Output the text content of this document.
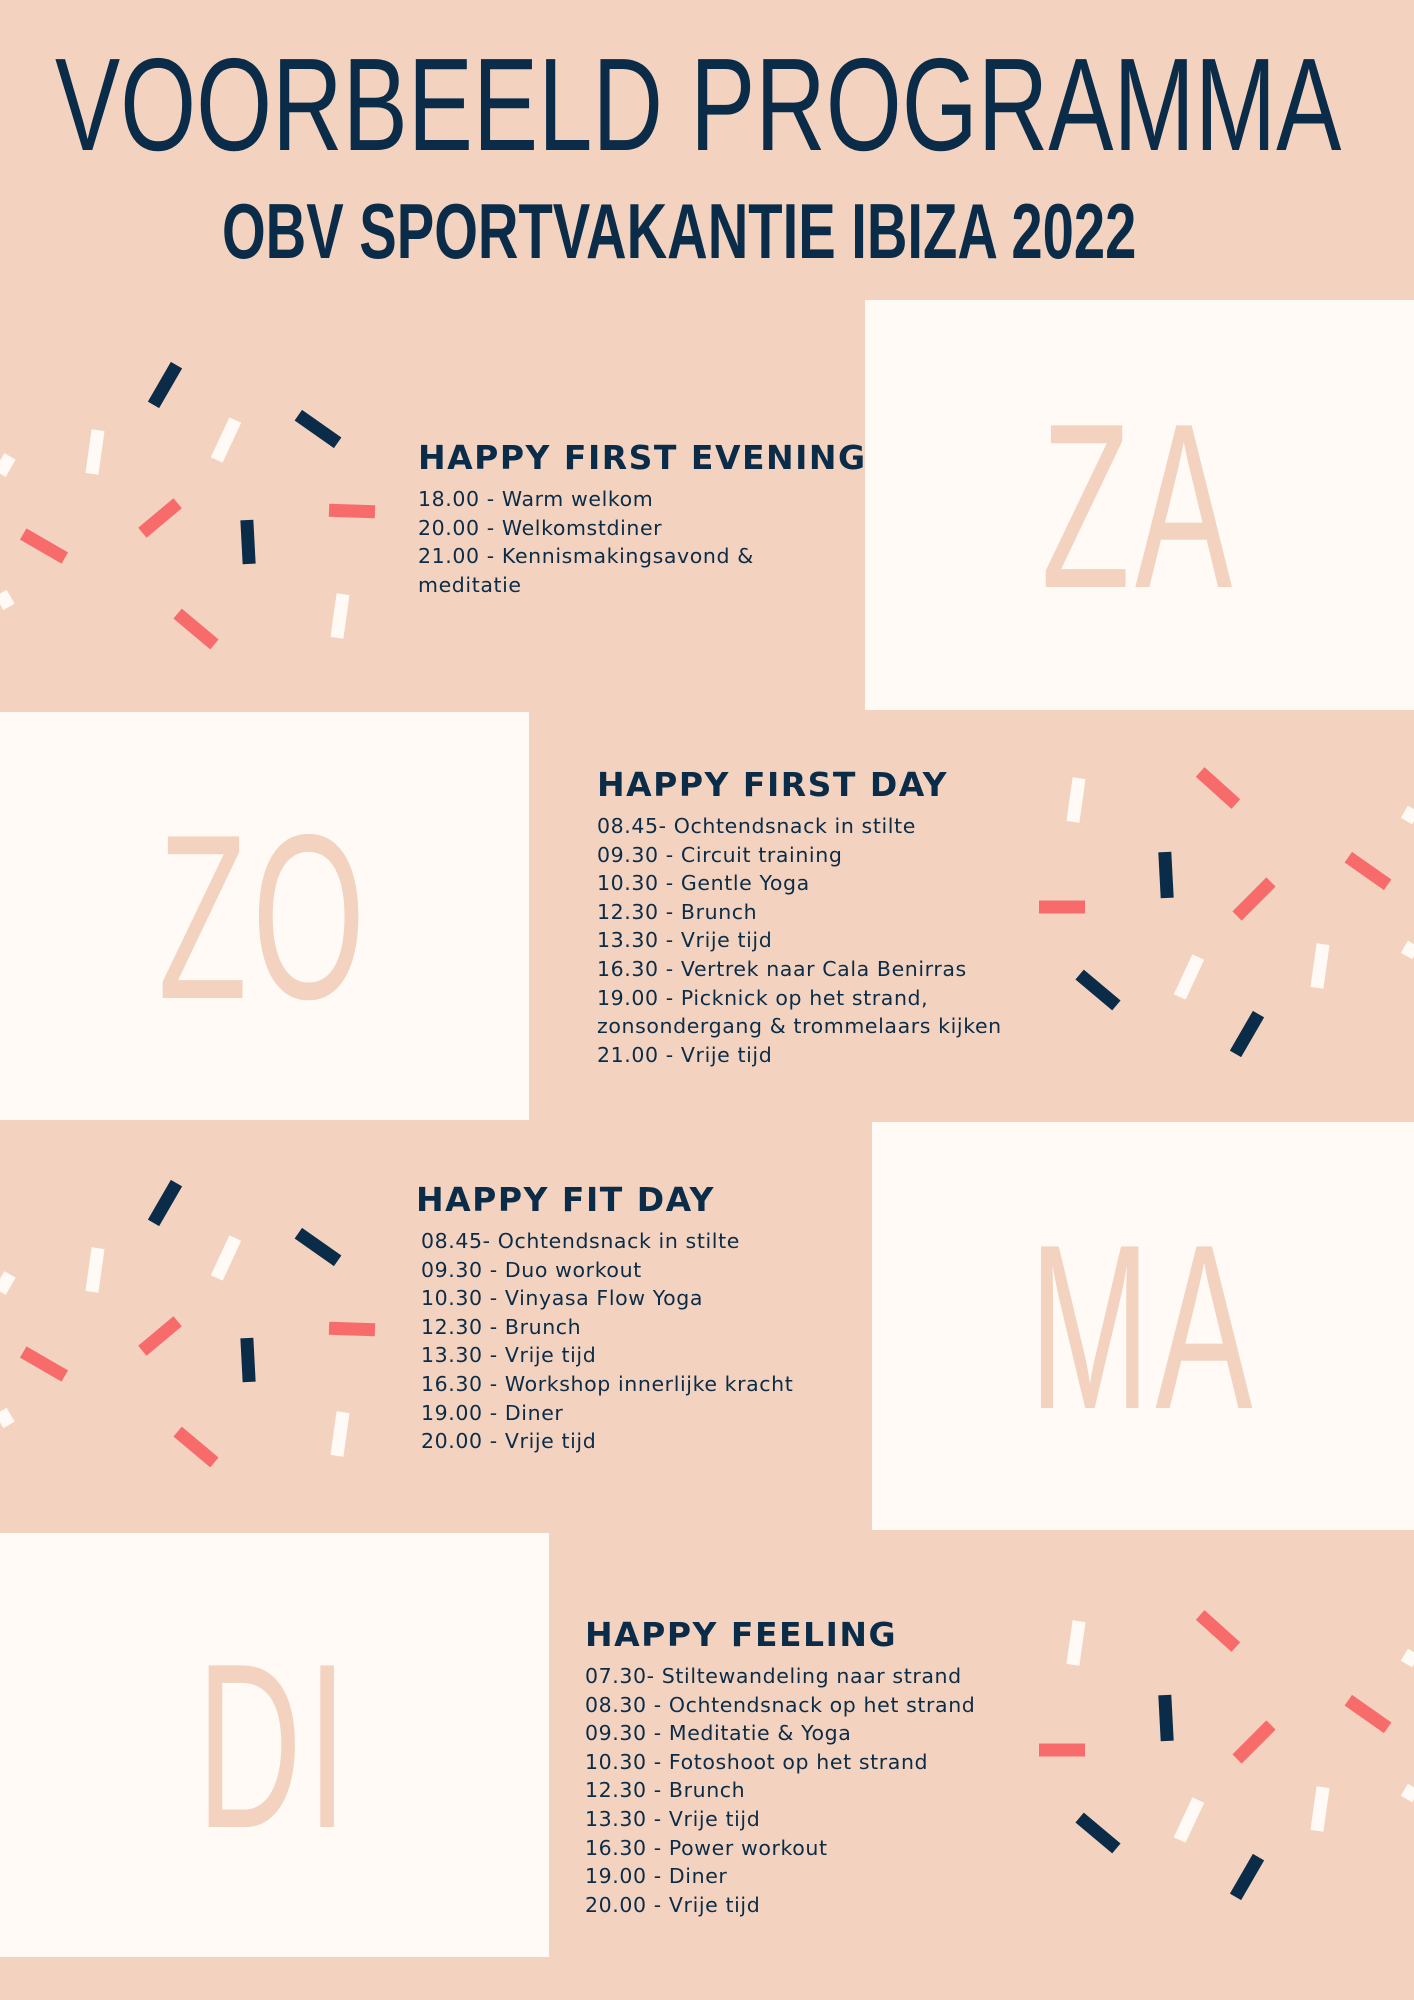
VOORBEELD PROGRAMMA
OBV SPORTVAKANTIE IBIZA 2022
ZA
ZO
MA
DI
HAPPY FIRST EVENING
18.00 - Warm welkom
20.00 - Welkomstdiner
21.00 - Kennismakingsavond &
meditatie
HAPPY FIRST DAY
08.45- Ochtendsnack in stilte
09.30 - Circuit training
10.30 - Gentle Yoga
12.30 - Brunch
13.30 - Vrije tijd
16.30 - Vertrek naar Cala Benirras
19.00 - Picknick op het strand,
zonsondergang & trommelaars kijken
21.00 - Vrije tijd
HAPPY FIT DAY
08.45- Ochtendsnack in stilte
09.30 - Duo workout
10.30 - Vinyasa Flow Yoga
12.30 - Brunch
13.30 - Vrije tijd
16.30 - Workshop innerlijke kracht
19.00 - Diner
20.00 - Vrije tijd
HAPPY FEELING
07.30- Stiltewandeling naar strand
08.30 - Ochtendsnack op het strand
09.30 - Meditatie & Yoga
10.30 - Fotoshoot op het strand
12.30 - Brunch
13.30 - Vrije tijd
16.30 - Power workout
19.00 - Diner
20.00 - Vrije tijd
